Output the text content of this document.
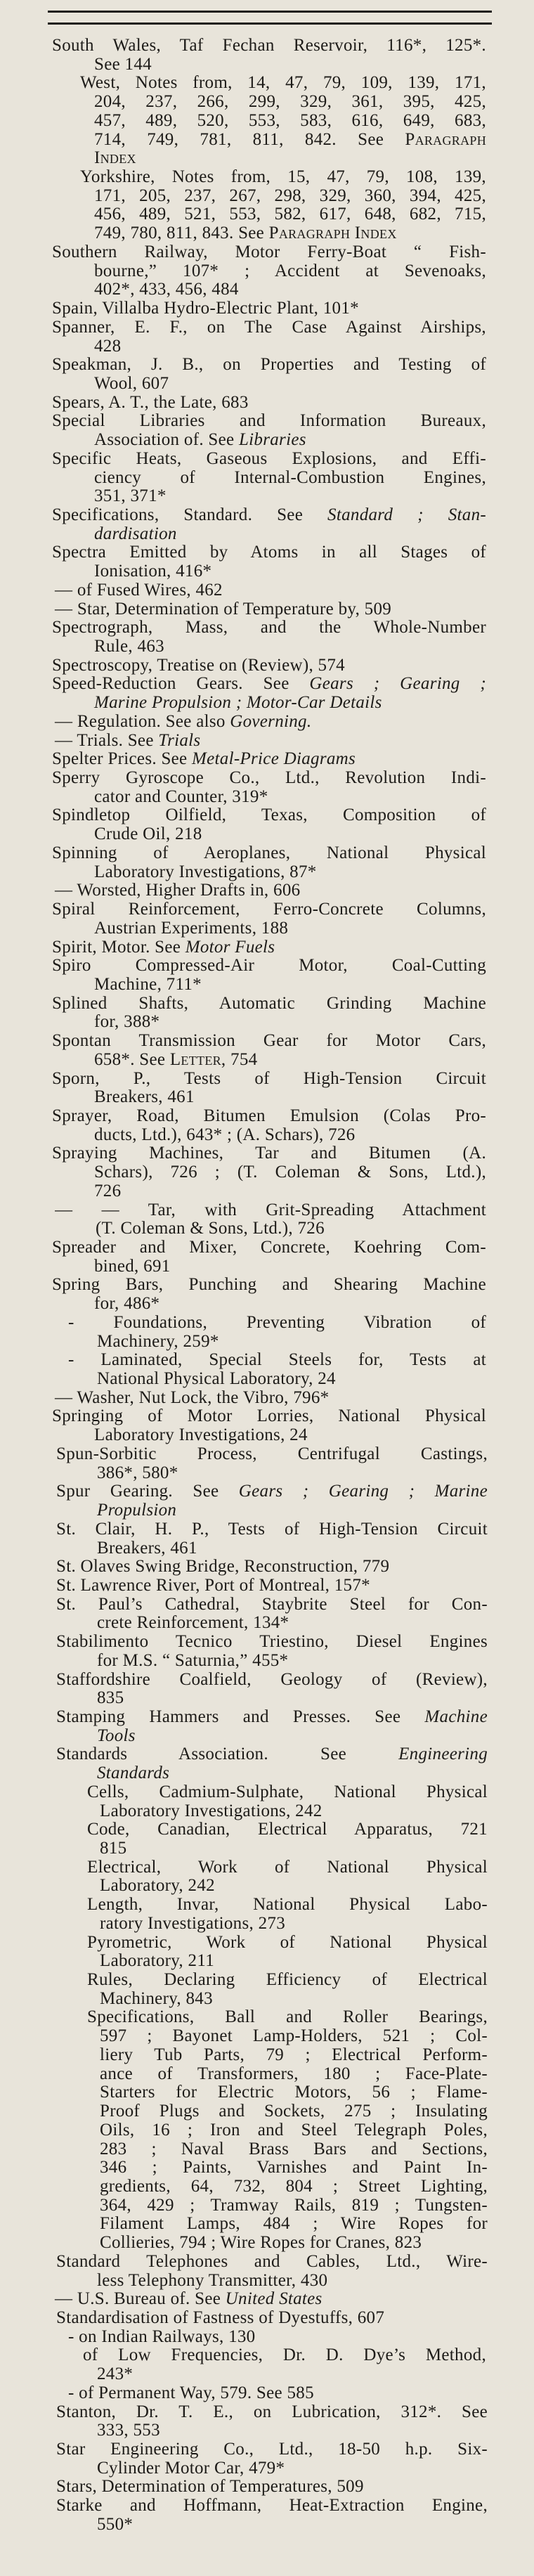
South Wales, Taf Fechan Reservoir, 116*, 125*.
See 144
West, Notes from, 14, 47, 79, 109, 139, 171,
204, 237, 266, 299, 329, 361, 395, 425,
457, 489, 520, 553, 583, 616, 649, 683,
714, 749, 781, 811, 842. See Paragraph
Index
Yorkshire, Notes from, 15, 47, 79, 108, 139,
171, 205, 237, 267, 298, 329, 360, 394, 425,
456, 489, 521, 553, 582, 617, 648, 682, 715,
749, 780, 811, 843. See Paragraph Index
Southern Railway, Motor Ferry-Boat “ Fish-
bourne,” 107* ; Accident at Sevenoaks,
402*, 433, 456, 484
Spain, Villalba Hydro-Electric Plant, 101*
Spanner, E. F., on The Case Against Airships,
428
Speakman, J. B., on Properties and Testing of
Wool, 607
Spears, A. T., the Late, 683
Special Libraries and Information Bureaux,
Association of. See Libraries
Specific Heats, Gaseous Explosions, and Effi-
ciency of Internal-Combustion Engines,
351, 371*
Specifications, Standard. See Standard ; Stan-
dardisation
Spectra Emitted by Atoms in all Stages of
Ionisation, 416*
— of Fused Wires, 462
— Star, Determination of Temperature by, 509
Spectrograph, Mass, and the Whole-Number
Rule, 463
Spectroscopy, Treatise on (Review), 574
Speed-Reduction Gears. See Gears ; Gearing ;
Marine Propulsion ; Motor-Car Details
— Regulation. See also Governing.
— Trials. See Trials
Spelter Prices. See Metal-Price Diagrams
Sperry Gyroscope Co., Ltd., Revolution Indi-
cator and Counter, 319*
Spindletop Oilfield, Texas, Composition of
Crude Oil, 218
Spinning of Aeroplanes, National Physical
Laboratory Investigations, 87*
— Worsted, Higher Drafts in, 606
Spiral Reinforcement, Ferro-Concrete Columns,
Austrian Experiments, 188
Spirit, Motor. See Motor Fuels
Spiro Compressed-Air Motor, Coal-Cutting
Machine, 711*
Splined Shafts, Automatic Grinding Machine
for, 388*
Spontan Transmission Gear for Motor Cars,
658*. See Letter, 754
Sporn, P., Tests of High-Tension Circuit
Breakers, 461
Sprayer, Road, Bitumen Emulsion (Colas Pro-
ducts, Ltd.), 643* ; (A. Schars), 726
Spraying Machines, Tar and Bitumen (A.
Schars), 726 ; (T. Coleman & Sons, Ltd.),
726
— — Tar, with Grit-Spreading Attachment
(T. Coleman & Sons, Ltd.), 726
Spreader and Mixer, Concrete, Koehring Com-
bined, 691
Spring Bars, Punching and Shearing Machine
for, 486*
- Foundations, Preventing Vibration of
Machinery, 259*
- Laminated, Special Steels for, Tests at
National Physical Laboratory, 24
— Washer, Nut Lock, the Vibro, 796*
Springing of Motor Lorries, National Physical
Laboratory Investigations, 24
Spun-Sorbitic Process, Centrifugal Castings,
386*, 580*
Spur Gearing. See Gears ; Gearing ; Marine
Propulsion
St. Clair, H. P., Tests of High-Tension Circuit
Breakers, 461
St. Olaves Swing Bridge, Reconstruction, 779
St. Lawrence River, Port of Montreal, 157*
St. Paul’s Cathedral, Staybrite Steel for Con-
crete Reinforcement, 134*
Stabilimento Tecnico Triestino, Diesel Engines
for M.S. “ Saturnia,” 455*
Staffordshire Coalfield, Geology of (Review),
835
Stamping Hammers and Presses. See Machine
Tools
Standards Association. See Engineering
Standards
Cells, Cadmium-Sulphate, National Physical
Laboratory Investigations, 242
Code, Canadian, Electrical Apparatus, 721
815
Electrical, Work of National Physical
Laboratory, 242
Length, Invar, National Physical Labo-
ratory Investigations, 273
Pyrometric, Work of National Physical
Laboratory, 211
Rules, Declaring Efficiency of Electrical
Machinery, 843
Specifications, Ball and Roller Bearings,
597 ; Bayonet Lamp-Holders, 521 ; Col-
liery Tub Parts, 79 ; Electrical Perform-
ance of Transformers, 180 ; Face-Plate-
Starters for Electric Motors, 56 ; Flame-
Proof Plugs and Sockets, 275 ; Insulating
Oils, 16 ; Iron and Steel Telegraph Poles,
283 ; Naval Brass Bars and Sections,
346 ; Paints, Varnishes and Paint In-
gredients, 64, 732, 804 ; Street Lighting,
364, 429 ; Tramway Rails, 819 ; Tungsten-
Filament Lamps, 484 ; Wire Ropes for
Collieries, 794 ; Wire Ropes for Cranes, 823
Standard Telephones and Cables, Ltd., Wire-
less Telephony Transmitter, 430
— U.S. Bureau of. See United States
Standardisation of Fastness of Dyestuffs, 607
- on Indian Railways, 130
of Low Frequencies, Dr. D. Dye’s Method,
243*
- of Permanent Way, 579. See 585
Stanton, Dr. T. E., on Lubrication, 312*. See
333, 553
Star Engineering Co., Ltd., 18-50 h.p. Six-
Cylinder Motor Car, 479*
Stars, Determination of Temperatures, 509
Starke and Hoffmann, Heat-Extraction Engine,
550*
